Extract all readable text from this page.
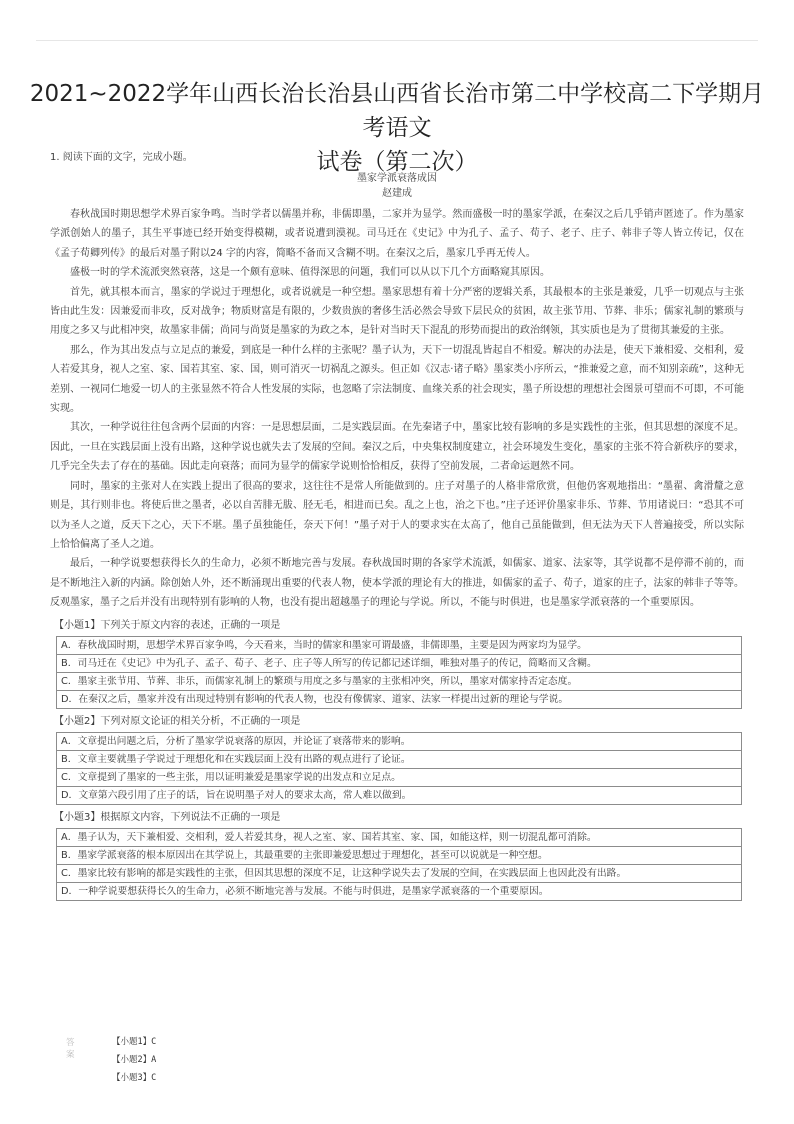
2021~2022学年山西长治长治县山西省长治市第二中学校高二下学期月考语文
试卷（第二次）
1. 阅读下面的文字，完成小题。
墨家学派衰落成因
赵建成

春秋战国时期思想学术界百家争鸣。当时学者以儒墨并称，非儒即墨，二家并为显学。然而盛极一时的墨家学派，在秦汉之后几乎销声匿迹了。作为墨家学派创始人的墨子，其生平事迹已经开始变得模糊，或者说遭到漠视。司马迁在《史记》中为孔子、孟子、荀子、老子、庄子、韩非子等人皆立传记，仅在《孟子荀卿列传》的最后对墨子附以24 字的内容，简略不备而又含糊不明。在秦汉之后，墨家几乎再无传人。

盛极一时的学术流派突然衰落，这是一个颇有意味、值得深思的问题，我们可以从以下几个方面略窥其原因。

首先，就其根本而言，墨家的学说过于理想化，或者说就是一种空想。墨家思想有着十分严密的逻辑关系，其最根本的主张是兼爱，几乎一切观点与主张皆由此生发：因兼爱而非攻，反对战争；物质财富是有限的，少数贵族的奢侈生活必然会导致下层民众的贫困，故主张节用、节葬、非乐；儒家礼制的繁琐与用度之多又与此相冲突，故墨家非儒；尚同与尚贤是墨家的为政之本，是针对当时天下混乱的形势而提出的政治纲领，其实质也是为了贯彻其兼爱的主张。

那么，作为其出发点与立足点的兼爱，到底是一种什么样的主张呢？墨子认为，天下一切混乱皆起自不相爱。解决的办法是，使天下兼相爱、交相利，爱人若爱其身，视人之室、家、国若其室、家、国，则可消灭一切祸乱之源头。但正如《汉志·诸子略》墨家类小序所云，“推兼爱之意，而不知别亲疏”，这种无差别、一视同仁地爱一切人的主张显然不符合人性发展的实际，也忽略了宗法制度、血缘关系的社会现实，墨子所设想的理想社会图景可望而不可即，不可能实现。

其次，一种学说往往包含两个层面的内容：一是思想层面，二是实践层面。在先秦诸子中，墨家比较有影响的多是实践性的主张，但其思想的深度不足。因此，一旦在实践层面上没有出路，这种学说也就失去了发展的空间。秦汉之后，中央集权制度建立，社会环境发生变化，墨家的主张不符合新秩序的要求，几乎完全失去了存在的基础。因此走向衰落；而同为显学的儒家学说则恰恰相反，获得了空前发展，二者命运迥然不同。

同时，墨家的主张对人在实践上提出了很高的要求，这往往不是常人所能做到的。庄子对墨子的人格非常欣赏，但他仍客观地指出：“墨翟、禽滑釐之意则是，其行则非也。将使后世之墨者，必以自苦腓无胈、胫无毛，相进而已矣。乱之上也，治之下也。”庄子还评价墨家非乐、节葬、节用诸说曰：“恐其不可以为圣人之道，反天下之心，天下不堪。墨子虽独能任，奈天下何！”墨子对于人的要求实在太高了，他自己虽能做到，但无法为天下人普遍接受，所以实际上恰恰偏离了圣人之道。

最后，一种学说要想获得长久的生命力，必须不断地完善与发展。春秋战国时期的各家学术流派，如儒家、道家、法家等，其学说都不是停滞不前的，而是不断地注入新的内涵。除创始人外，还不断涌现出重要的代表人物，使本学派的理论有大的推进，如儒家的孟子、荀子，道家的庄子，法家的韩非子等等。反观墨家，墨子之后并没有出现特别有影响的人物，也没有提出超越墨子的理论与学说。所以，不能与时俱进，也是墨家学派衰落的一个重要原因。

【小题1】下列关于原文内容的表述，正确的一项是
A．春秋战国时期，思想学术界百家争鸣，今天看来，当时的儒家和墨家可谓最盛，非儒即墨，主要是因为两家均为显学。
B．司马迁在《史记》中为孔子、孟子、荀子、老子、庄子等人所写的传记都记述详细，唯独对墨子的传记，简略而又含糊。
C．墨家主张节用、节葬、非乐，而儒家礼制上的繁琐与用度之多与墨家的主张相冲突，所以，墨家对儒家持否定态度。
D．在秦汉之后，墨家并没有出现过特别有影响的代表人物，也没有像儒家、道家、法家一样提出过新的理论与学说。
【小题2】下列对原文论证的相关分析，不正确的一项是
A．文章提出问题之后，分析了墨家学说衰落的原因，并论证了衰落带来的影响。
B．文章主要就墨子学说过于理想化和在实践层面上没有出路的观点进行了论证。
C．文章提到了墨家的一些主张，用以证明兼爱是墨家学说的出发点和立足点。
D．文章第六段引用了庄子的话，旨在说明墨子对人的要求太高，常人难以做到。
【小题3】根据原文内容，下列说法不正确的一项是
A．墨子认为，天下兼相爱、交相利，爱人若爱其身，视人之室、家、国若其室、家、国，如能这样，则一切混乱都可消除。
B．墨家学派衰落的根本原因出在其学说上，其最重要的主张即兼爱思想过于理想化，甚至可以说就是一种空想。
C．墨家比较有影响的都是实践性的主张，但因其思想的深度不足，让这种学说失去了发展的空间，在实践层面上也因此没有出路。
D．一种学说要想获得长久的生命力，必须不断地完善与发展。不能与时俱进，是墨家学派衰落的一个重要原因。
答案
【小题1】C
【小题2】A
【小题3】C
